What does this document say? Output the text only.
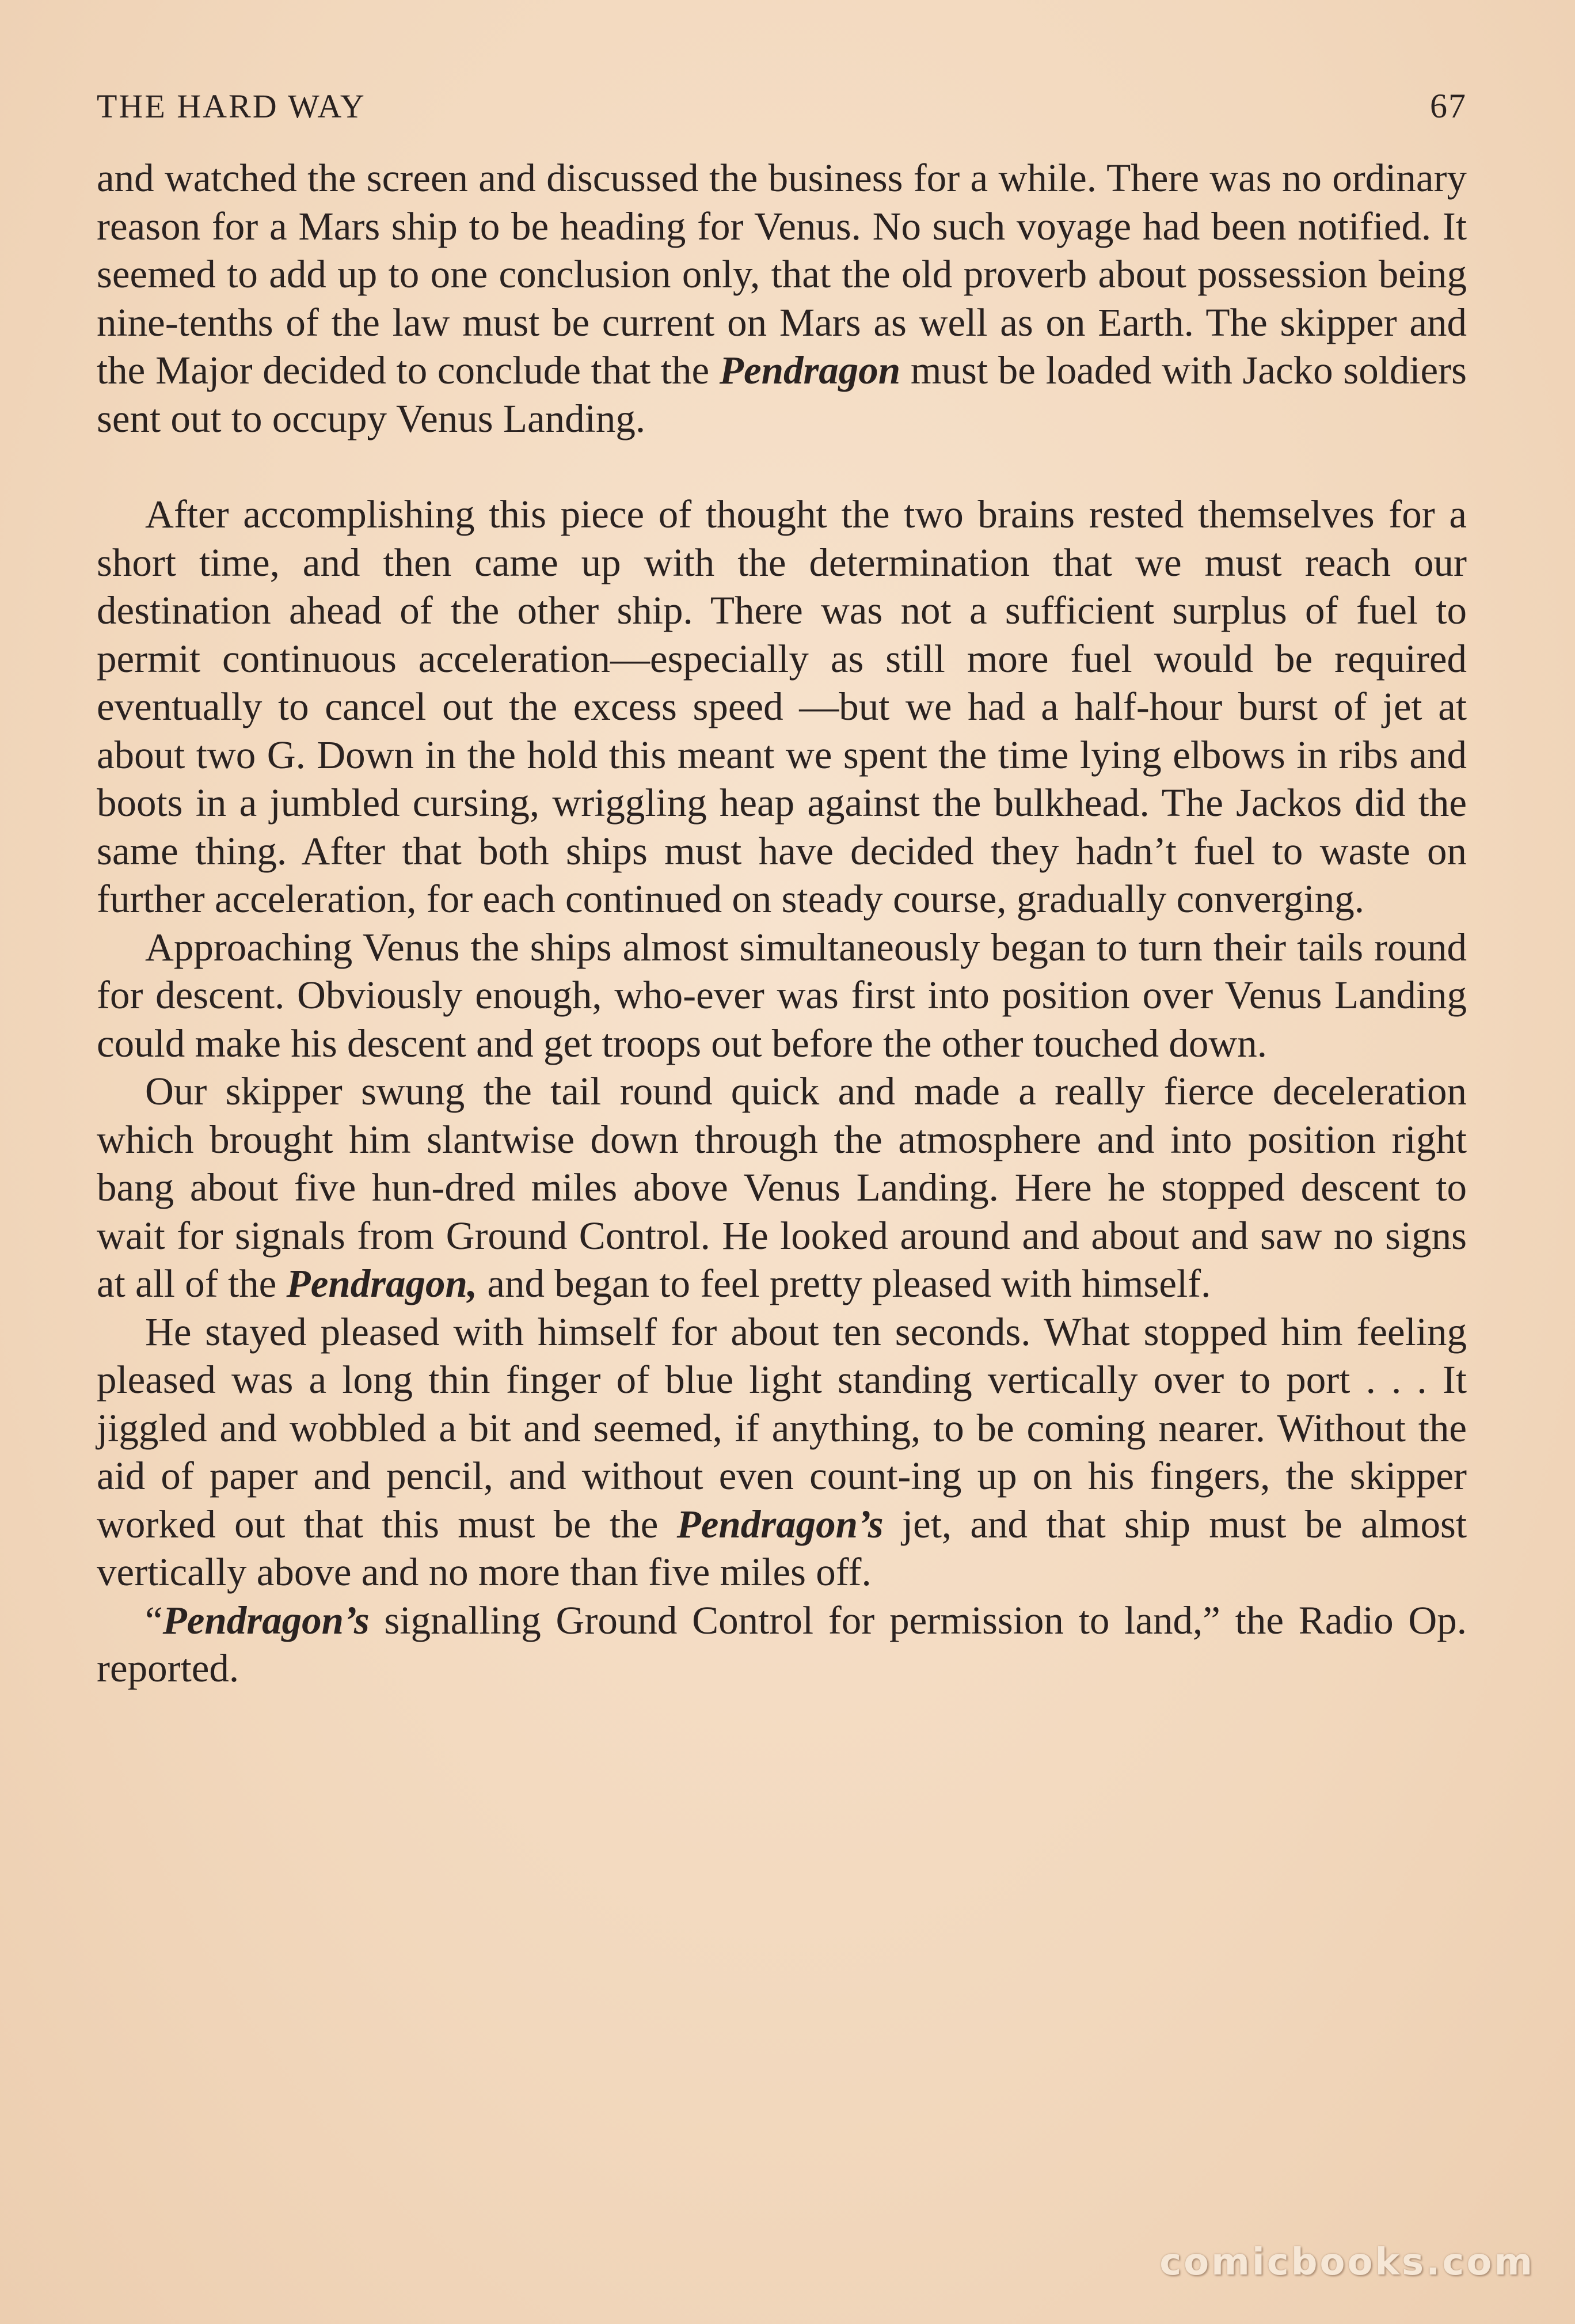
THE HARD WAY	67

and watched the screen and discussed the business for a while. There was no ordinary reason for a Mars ship to be heading for Venus. No such voyage had been notified. It seemed to add up to one conclusion only, that the old proverb about possession being nine-tenths of the law must be current on Mars as well as on Earth. The skipper and the Major decided to conclude that the Pendragon must be loaded with Jacko soldiers sent out to occupy Venus Landing.

After accomplishing this piece of thought the two brains rested themselves for a short time, and then came up with the determination that we must reach our destination ahead of the other ship. There was not a sufficient surplus of fuel to permit continuous acceleration—especially as still more fuel would be required eventually to cancel out the excess speed —but we had a half-hour burst of jet at about two G. Down in the hold this meant we spent the time lying elbows in ribs and boots in a jumbled cursing, wriggling heap against the bulkhead. The Jackos did the same thing. After that both ships must have decided they hadn’t fuel to waste on further acceleration, for each continued on steady course, gradually converging.

Approaching Venus the ships almost simultaneously began to turn their tails round for descent. Obviously enough, who-ever was first into position over Venus Landing could make his descent and get troops out before the other touched down.

Our skipper swung the tail round quick and made a really fierce deceleration which brought him slantwise down through the atmosphere and into position right bang about five hun-dred miles above Venus Landing. Here he stopped descent to wait for signals from Ground Control. He looked around and about and saw no signs at all of the Pendragon, and began to feel pretty pleased with himself.

He stayed pleased with himself for about ten seconds. What stopped him feeling pleased was a long thin finger of blue light standing vertically over to port . . . It jiggled and wobbled a bit and seemed, if anything, to be coming nearer. Without the aid of paper and pencil, and without even count-ing up on his fingers, the skipper worked out that this must be the Pendragon’s jet, and that ship must be almost vertically above and no more than five miles off.

“Pendragon’s signalling Ground Control for permission to land,” the Radio Op. reported.

comicbooks.com
